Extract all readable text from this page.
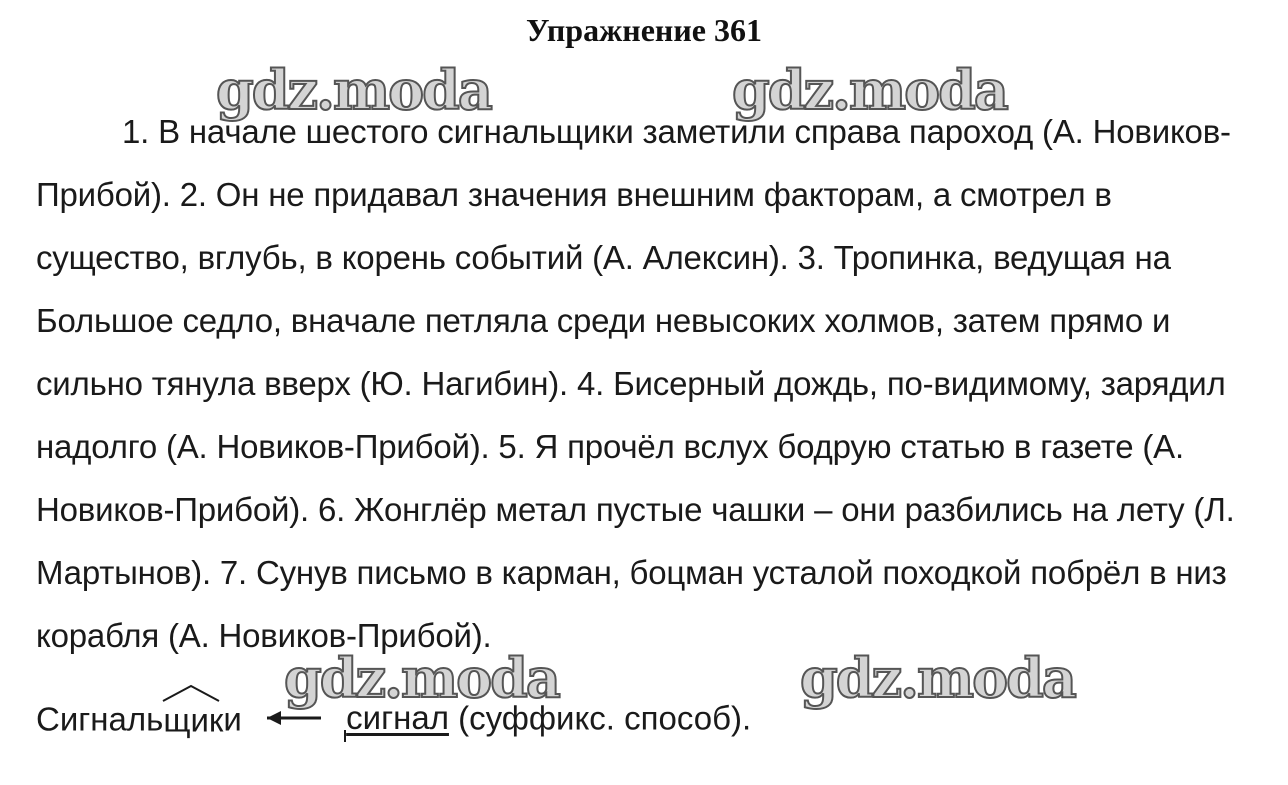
Упражнение 361
gdz.moda	gdz.moda
gdz.moda	gdz.moda
1. В начале шестого сигнальщики заметили справа пароход (А. Новиков-Прибой). 2. Он не придавал значения внешним факторам, а смотрел в существо, вглубь, в корень событий (А. Алексин). 3. Тропинка, ведущая на Большое седло, вначале петляла среди невысоких холмов, затем прямо и сильно тянула вверх (Ю. Нагибин). 4. Бисерный дождь, по-видимому, зарядил надолго (А. Новиков-Прибой). 5. Я прочёл вслух бодрую статью в газете (А. Новиков-Прибой). 6. Жонглёр метал пустые чашки – они разбились на лету (Л. Мартынов). 7. Сунув письмо в карман, боцман усталой походкой побрёл в низ корабля (А. Новиков-Прибой).
Сигналь
щики	сигнал (суффикс. способ).
